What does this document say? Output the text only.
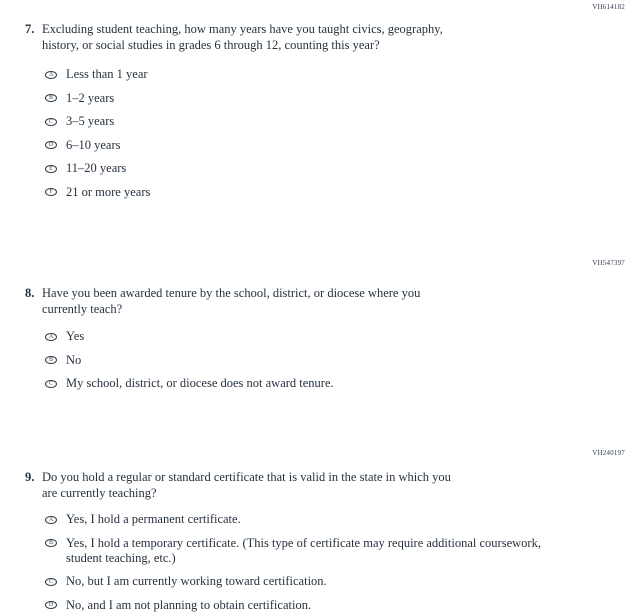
VH614182
7. Excluding student teaching, how many years have you taught civics, geography,
history, or social studies in grades 6 through 12, counting this year?
A	Less than 1 year
B	1–2 years
C	3–5 years
D	6–10 years
E	11–20 years
F	21 or more years
VH547397
8. Have you been awarded tenure by the school, district, or diocese where you
currently teach?
A	Yes
B	No
C	My school, district, or diocese does not award tenure.
VH240197
9. Do you hold a regular or standard certificate that is valid in the state in which you
are currently teaching?
A	Yes, I hold a permanent certificate.
B	Yes, I hold a temporary certificate. (This type of certificate may require additional coursework,
student teaching, etc.)
C	No, but I am currently working toward certification.
D	No, and I am not planning to obtain certification.
